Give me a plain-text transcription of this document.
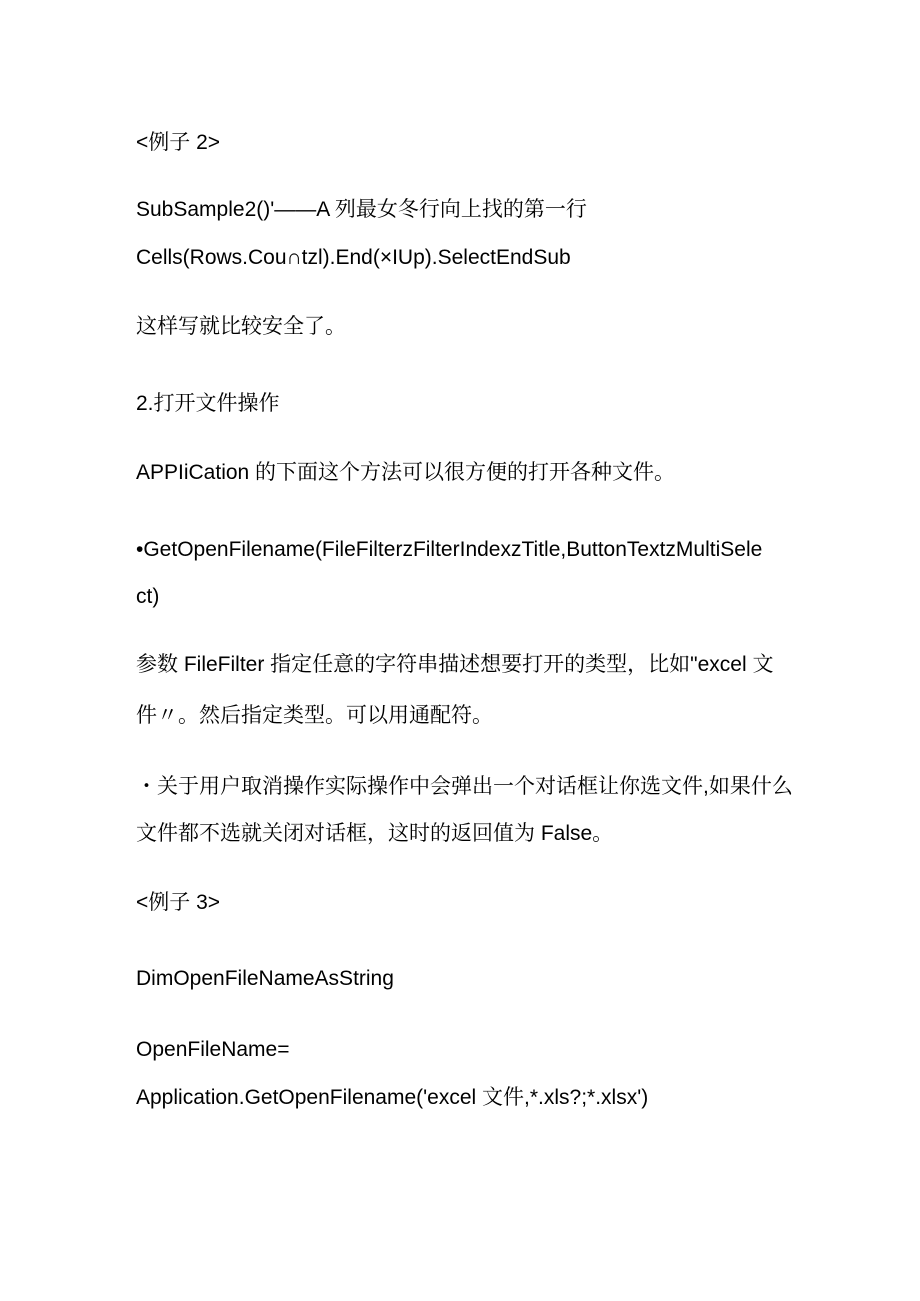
<例子 2>
SubSample2()'——A 列最女冬行向上找的第一行
Cells(Rows.Cou∩tzl).End(×IUp).SelectEndSub
这样写就比较安全了。
2.打开文件操作
APPIiCation 的下面这个方法可以很方便的打开各种文件。
•GetOpenFilename(FileFilterzFilterIndexzTitle,ButtonTextzMultiSele
ct)
参数 FileFilter 指定任意的字符串描述想要打开的类型，比如"excel 文
件〃。然后指定类型。可以用通配符。
・关于用户取消操作实际操作中会弹出一个对话框让你选文件,如果什么
文件都不选就关闭对话框，这时的返回值为 False。
<例子 3>
DimOpenFileNameAsString
OpenFileName=
Application.GetOpenFilename('excel 文件,*.xls?;*.xlsx')
